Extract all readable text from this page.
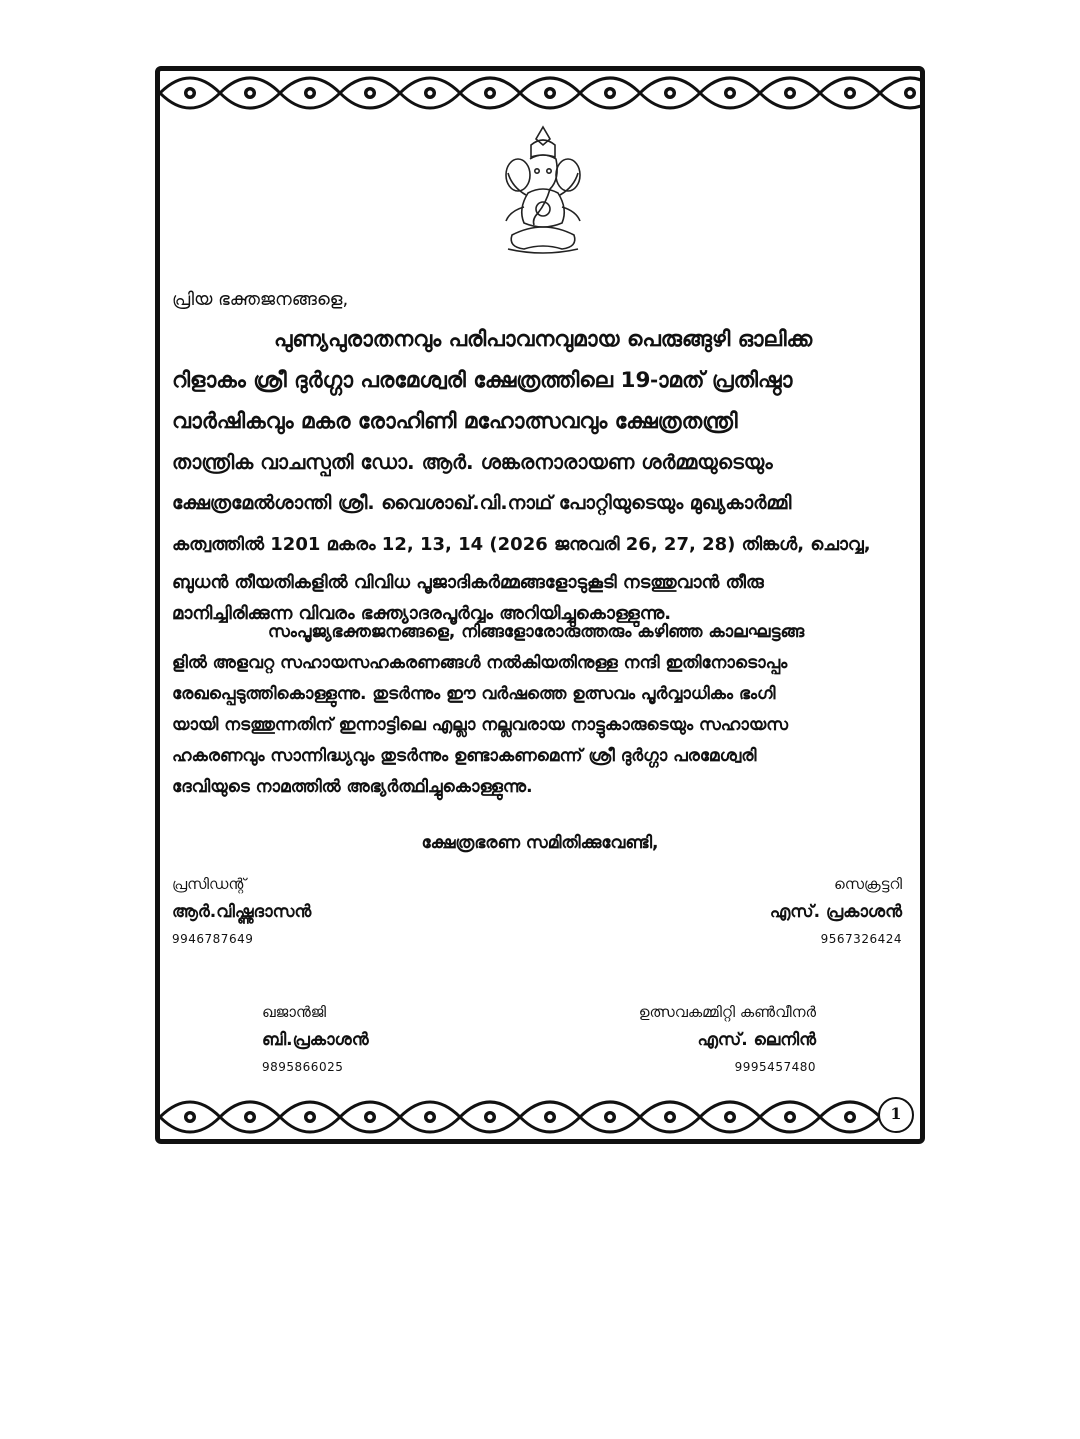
പ്രിയ ഭക്തജനങ്ങളെ,
പുണ്യപുരാതനവും പരിപാവനവുമായ പെരുങ്ങുഴി ഓലിക്ക
റിളാകം ശ്രീ ദുർഗ്ഗാ പരമേശ്വരി ക്ഷേത്രത്തിലെ 19-ാമത് പ്രതിഷ്ഠാ
വാർഷികവും മകര രോഹിണി മഹോത്സവവും ക്ഷേത്രതന്ത്രി
താന്ത്രിക വാചസ്പതി ഡോ. ആർ. ശങ്കരനാരായണ ശർമ്മയുടെയും
ക്ഷേത്രമേൽശാന്തി ശ്രീ. വൈശാഖ്.വി.നാഥ് പോറ്റിയുടെയും മുഖ്യകാർമ്മി
കത്വത്തിൽ 1201 മകരം 12, 13, 14 (2026 ജനുവരി 26, 27, 28) തിങ്കൾ, ചൊവ്വ,
ബുധൻ തീയതികളിൽ വിവിധ പൂജാദികർമ്മങ്ങളോടുകൂടി നടത്തുവാൻ തീരു
മാനിച്ചിരിക്കുന്ന വിവരം ഭക്ത്യാദരപൂർവ്വം അറിയിച്ചുകൊള്ളുന്നു.
സംപൂജ്യഭക്തജനങ്ങളെ, നിങ്ങളോരോരുത്തരും കഴിഞ്ഞ കാലഘട്ടങ്ങ
ളിൽ അളവറ്റ സഹായസഹകരണങ്ങൾ നൽകിയതിനുള്ള നന്ദി ഇതിനോടൊപ്പം
രേഖപ്പെടുത്തികൊള്ളുന്നു. തുടർന്നും ഈ വർഷത്തെ ഉത്സവം പൂർവ്വാധികം ഭംഗി
യായി നടത്തുന്നതിന് ഇന്നാട്ടിലെ എല്ലാ നല്ലവരായ നാട്ടുകാരുടെയും സഹായസ
ഹകരണവും സാന്നിദ്ധ്യവും തുടർന്നും ഉണ്ടാകണമെന്ന് ശ്രീ ദുർഗ്ഗാ പരമേശ്വരി
ദേവിയുടെ നാമത്തിൽ അഭ്യർത്ഥിച്ചുകൊള്ളുന്നു.
ക്ഷേത്രഭരണ സമിതിക്കുവേണ്ടി,
പ്രസിഡന്റ്
ആർ.വിഷ്ണുദാസൻ
9946787649
സെക്രട്ടറി
എസ്. പ്രകാശൻ
9567326424
ഖജാൻജി
ബി.പ്രകാശൻ
9895866025
ഉത്സവകമ്മിറ്റി കൺവീനർ
എസ്. ലെനിൻ
9995457480
1
